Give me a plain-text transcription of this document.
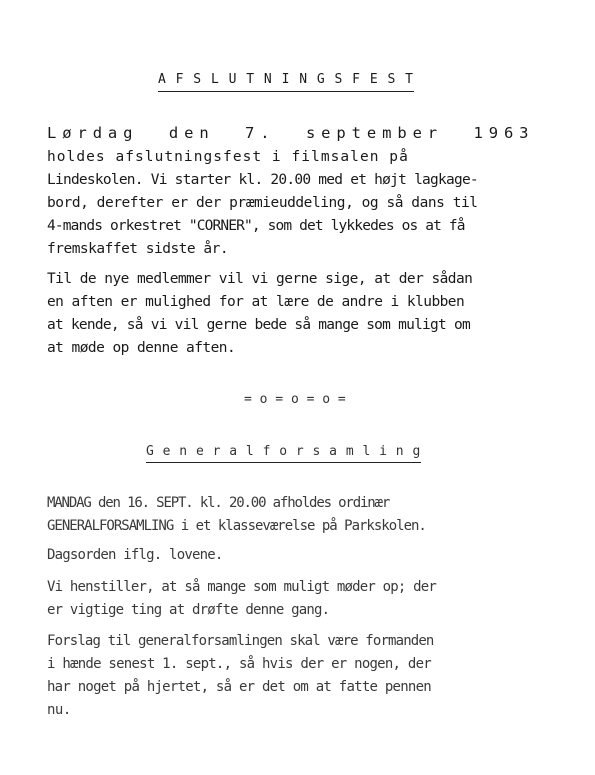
A F S L U T N I N G S F E S T
Lørdag  den  7.  september  1963
holdes afslutningsfest i filmsalen på
Lindeskolen. Vi starter kl. 20.00 med et højt lagkage-
bord, derefter er der præmieuddeling, og så dans til
4-mands orkestret "CORNER", som det lykkedes os at få
fremskaffet sidste år.
Til de nye medlemmer vil vi gerne sige, at der sådan
en aften er mulighed for at lære de andre i klubben
at kende, så vi vil gerne bede så mange som muligt om
at møde op denne aften.
= o = o = o =
G e n e r a l f o r s a m l i n g
MANDAG den 16. SEPT. kl. 20.00 afholdes ordinær
GENERALFORSAMLING i et klasseværelse på Parkskolen.
Dagsorden iflg. lovene.
Vi henstiller, at så mange som muligt møder op; der
er vigtige ting at drøfte denne gang.
Forslag til generalforsamlingen skal være formanden
i hænde senest 1. sept., så hvis der er nogen, der
har noget på hjertet, så er det om at fatte pennen
nu.
